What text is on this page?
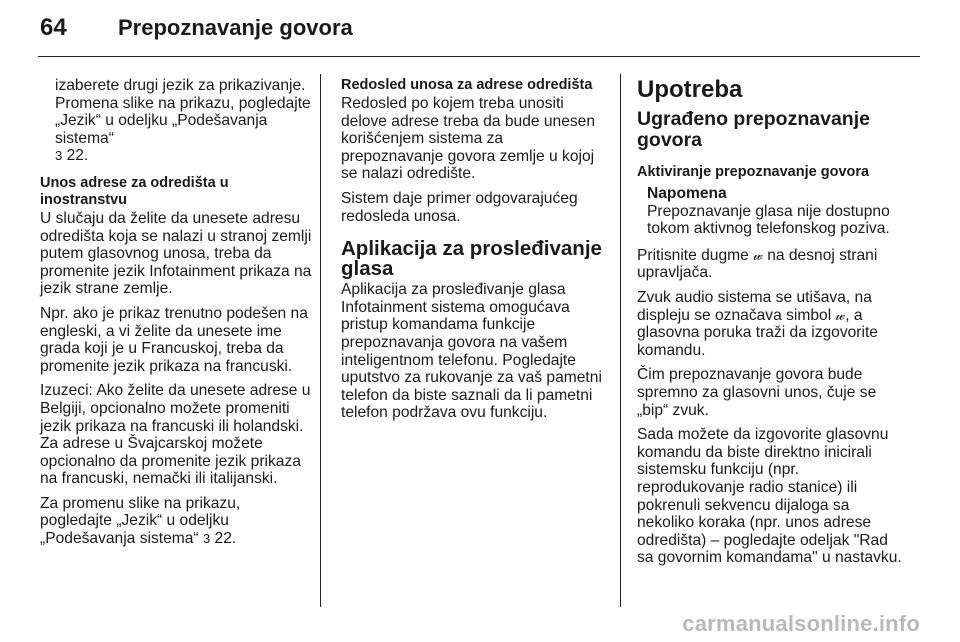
64	Prepoznavanje govora

izaberete drugi jezik za prikazivanje. Promena slike na prikazu, pogledajte „Jezik“ u odeljku „Podešavanja sistema“
3 22.

Unos adrese za odredišta u inostranstvu

U slučaju da želite da unesete adresu odredišta koja se nalazi u stranoj zemlji putem glasovnog unosa, treba da promenite jezik Infotainment prikaza na jezik strane zemlje.

Npr. ako je prikaz trenutno podešen na engleski, a vi želite da unesete ime grada koji je u Francuskoj, treba da promenite jezik prikaza na francuski.

Izuzeci: Ako želite da unesete adrese u Belgiji, opcionalno možete promeniti jezik prikaza na francuski ili holandski. Za adrese u Švajcarskoj možete opcionalno da promenite jezik prikaza na francuski, nemački ili italijanski.

Za promenu slike na prikazu, pogledajte „Jezik“ u odeljku „Podešavanja sistema“ 3 22.

Redosled unosa za adrese odredišta

Redosled po kojem treba unositi delove adrese treba da bude unesen korišćenjem sistema za prepoznavanje govora zemlje u kojoj se nalazi odredište.

Sistem daje primer odgovarajućeg redosleda unosa.

Aplikacija za prosleđivanje glasa

Aplikacija za prosleđivanje glasa Infotainment sistema omogućava pristup komandama funkcije prepoznavanja govora na vašem inteligentnom telefonu. Pogledajte uputstvo za rukovanje za vaš pametni telefon da biste saznali da li pametni telefon podržava ovu funkciju.

Upotreba
Ugrađeno prepoznavanje govora
Aktiviranje prepoznavanje govora
Napomena
Prepoznavanje glasa nije dostupno tokom aktivnog telefonskog poziva.

Pritisnite dugme 𝓌 na desnoj strani upravljača.

Zvuk audio sistema se utišava, na displeju se označava simbol 𝓌, a glasovna poruka traži da izgovorite komandu.

Čim prepoznavanje govora bude spremno za glasovni unos, čuje se „bip“ zvuk.

Sada možete da izgovorite glasovnu komandu da biste direktno inicirali sistemsku funkciju (npr. reprodukovanje radio stanice) ili pokrenuli sekvencu dijaloga sa nekoliko koraka (npr. unos adrese odredišta) – pogledajte odeljak "Rad sa govornim komandama" u nastavku.

carmanualsonline.info
